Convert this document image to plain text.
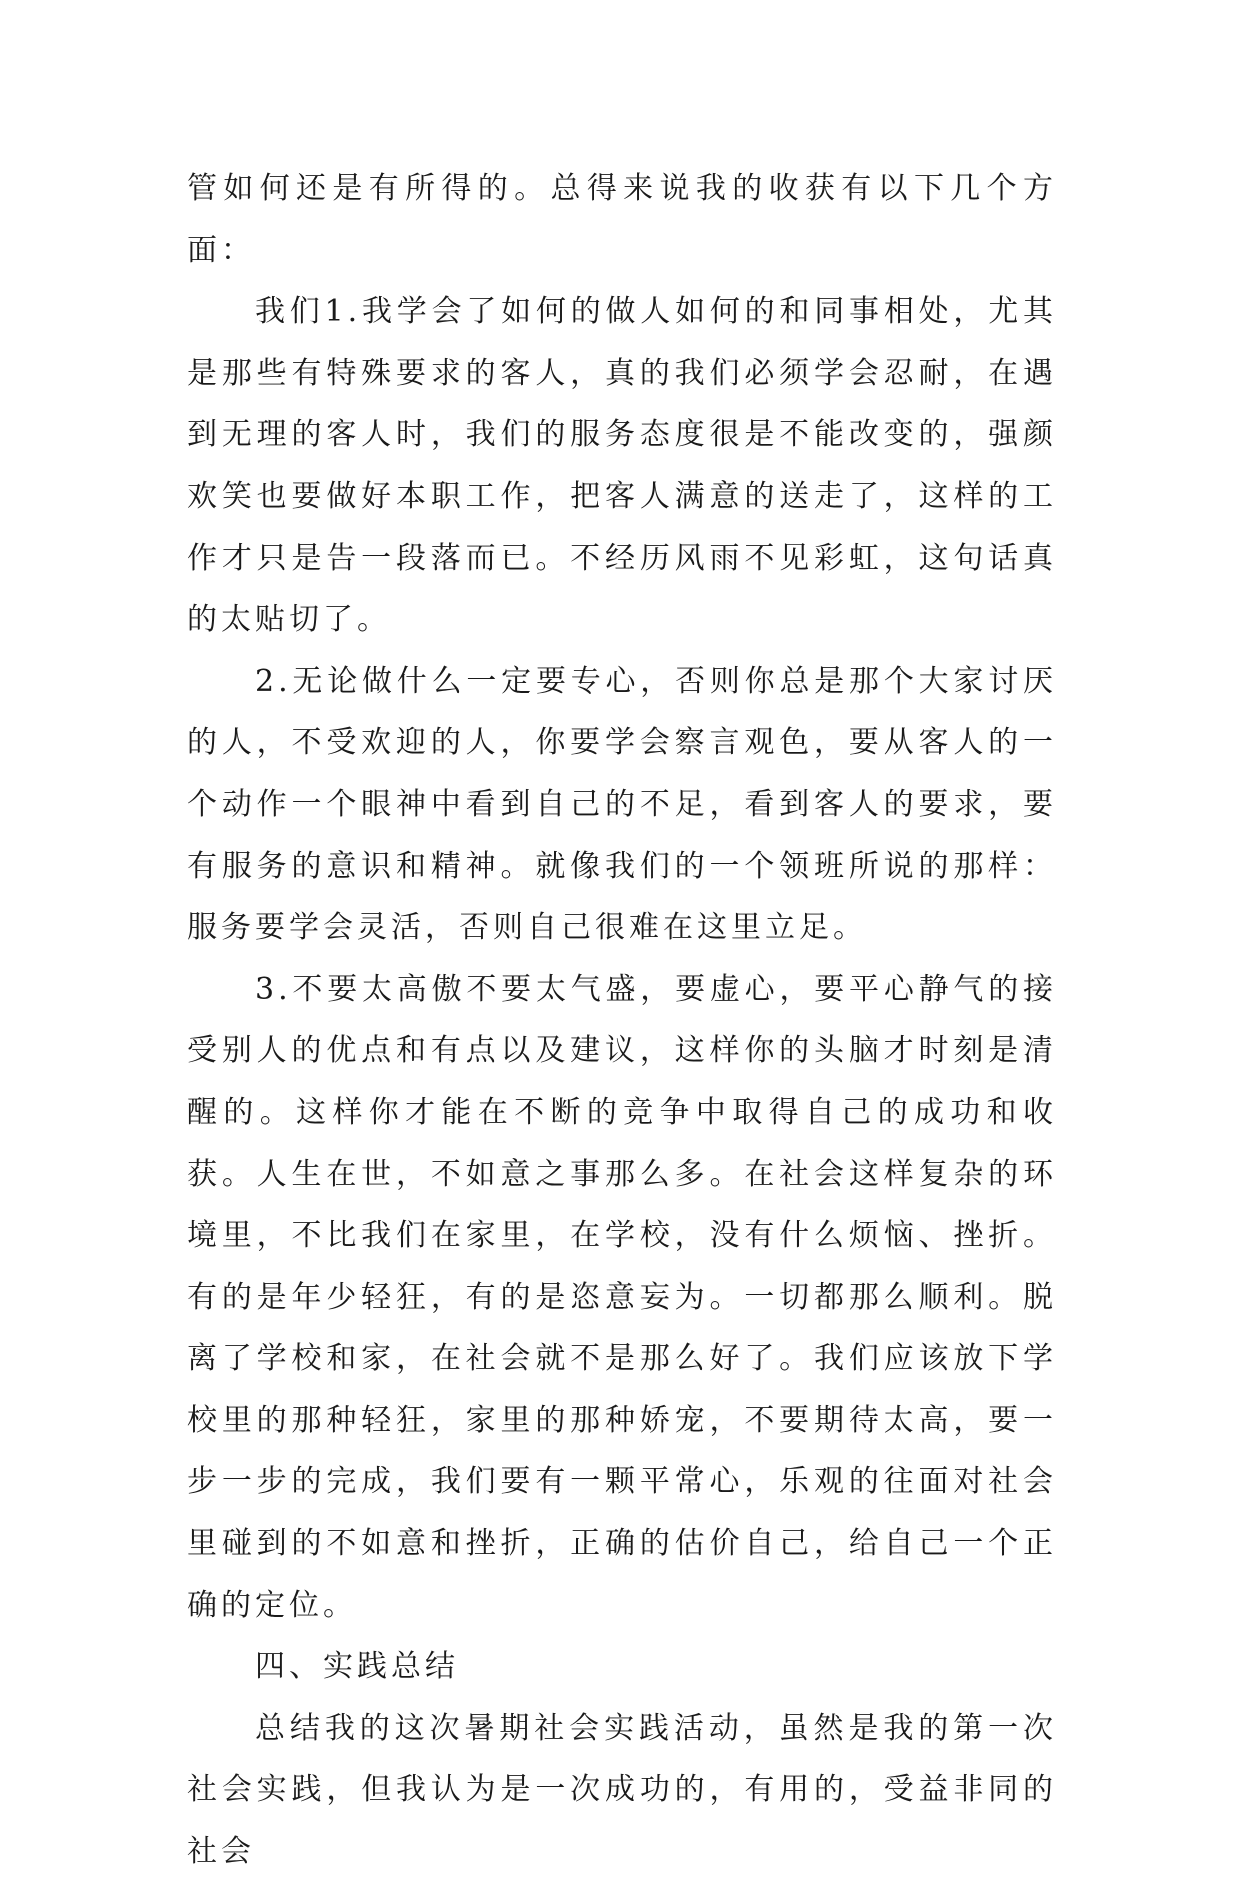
管如何还是有所得的。总得来说我的收获有以下几个方面：

我们1.我学会了如何的做人如何的和同事相处，尤其是那些有特殊要求的客人，真的我们必须学会忍耐，在遇到无理的客人时，我们的服务态度很是不能改变的，强颜欢笑也要做好本职工作，把客人满意的送走了，这样的工作才只是告一段落而已。不经历风雨不见彩虹，这句话真的太贴切了。

2.无论做什么一定要专心，否则你总是那个大家讨厌的人，不受欢迎的人，你要学会察言观色，要从客人的一个动作一个眼神中看到自己的不足，看到客人的要求，要有服务的意识和精神。就像我们的一个领班所说的那样：服务要学会灵活，否则自己很难在这里立足。

3.不要太高傲不要太气盛，要虚心，要平心静气的接受别人的优点和有点以及建议，这样你的头脑才时刻是清醒的。这样你才能在不断的竞争中取得自己的成功和收获。人生在世，不如意之事那么多。在社会这样复杂的环境里，不比我们在家里，在学校，没有什么烦恼、挫折。有的是年少轻狂，有的是恣意妄为。一切都那么顺利。脱离了学校和家，在社会就不是那么好了。我们应该放下学校里的那种轻狂，家里的那种娇宠，不要期待太高，要一步一步的完成，我们要有一颗平常心，乐观的往面对社会里碰到的不如意和挫折，正确的估价自己，给自己一个正确的定位。

四、实践总结

总结我的这次暑期社会实践活动，虽然是我的第一次社会实践，但我认为是一次成功的，有用的，受益非同的社会
